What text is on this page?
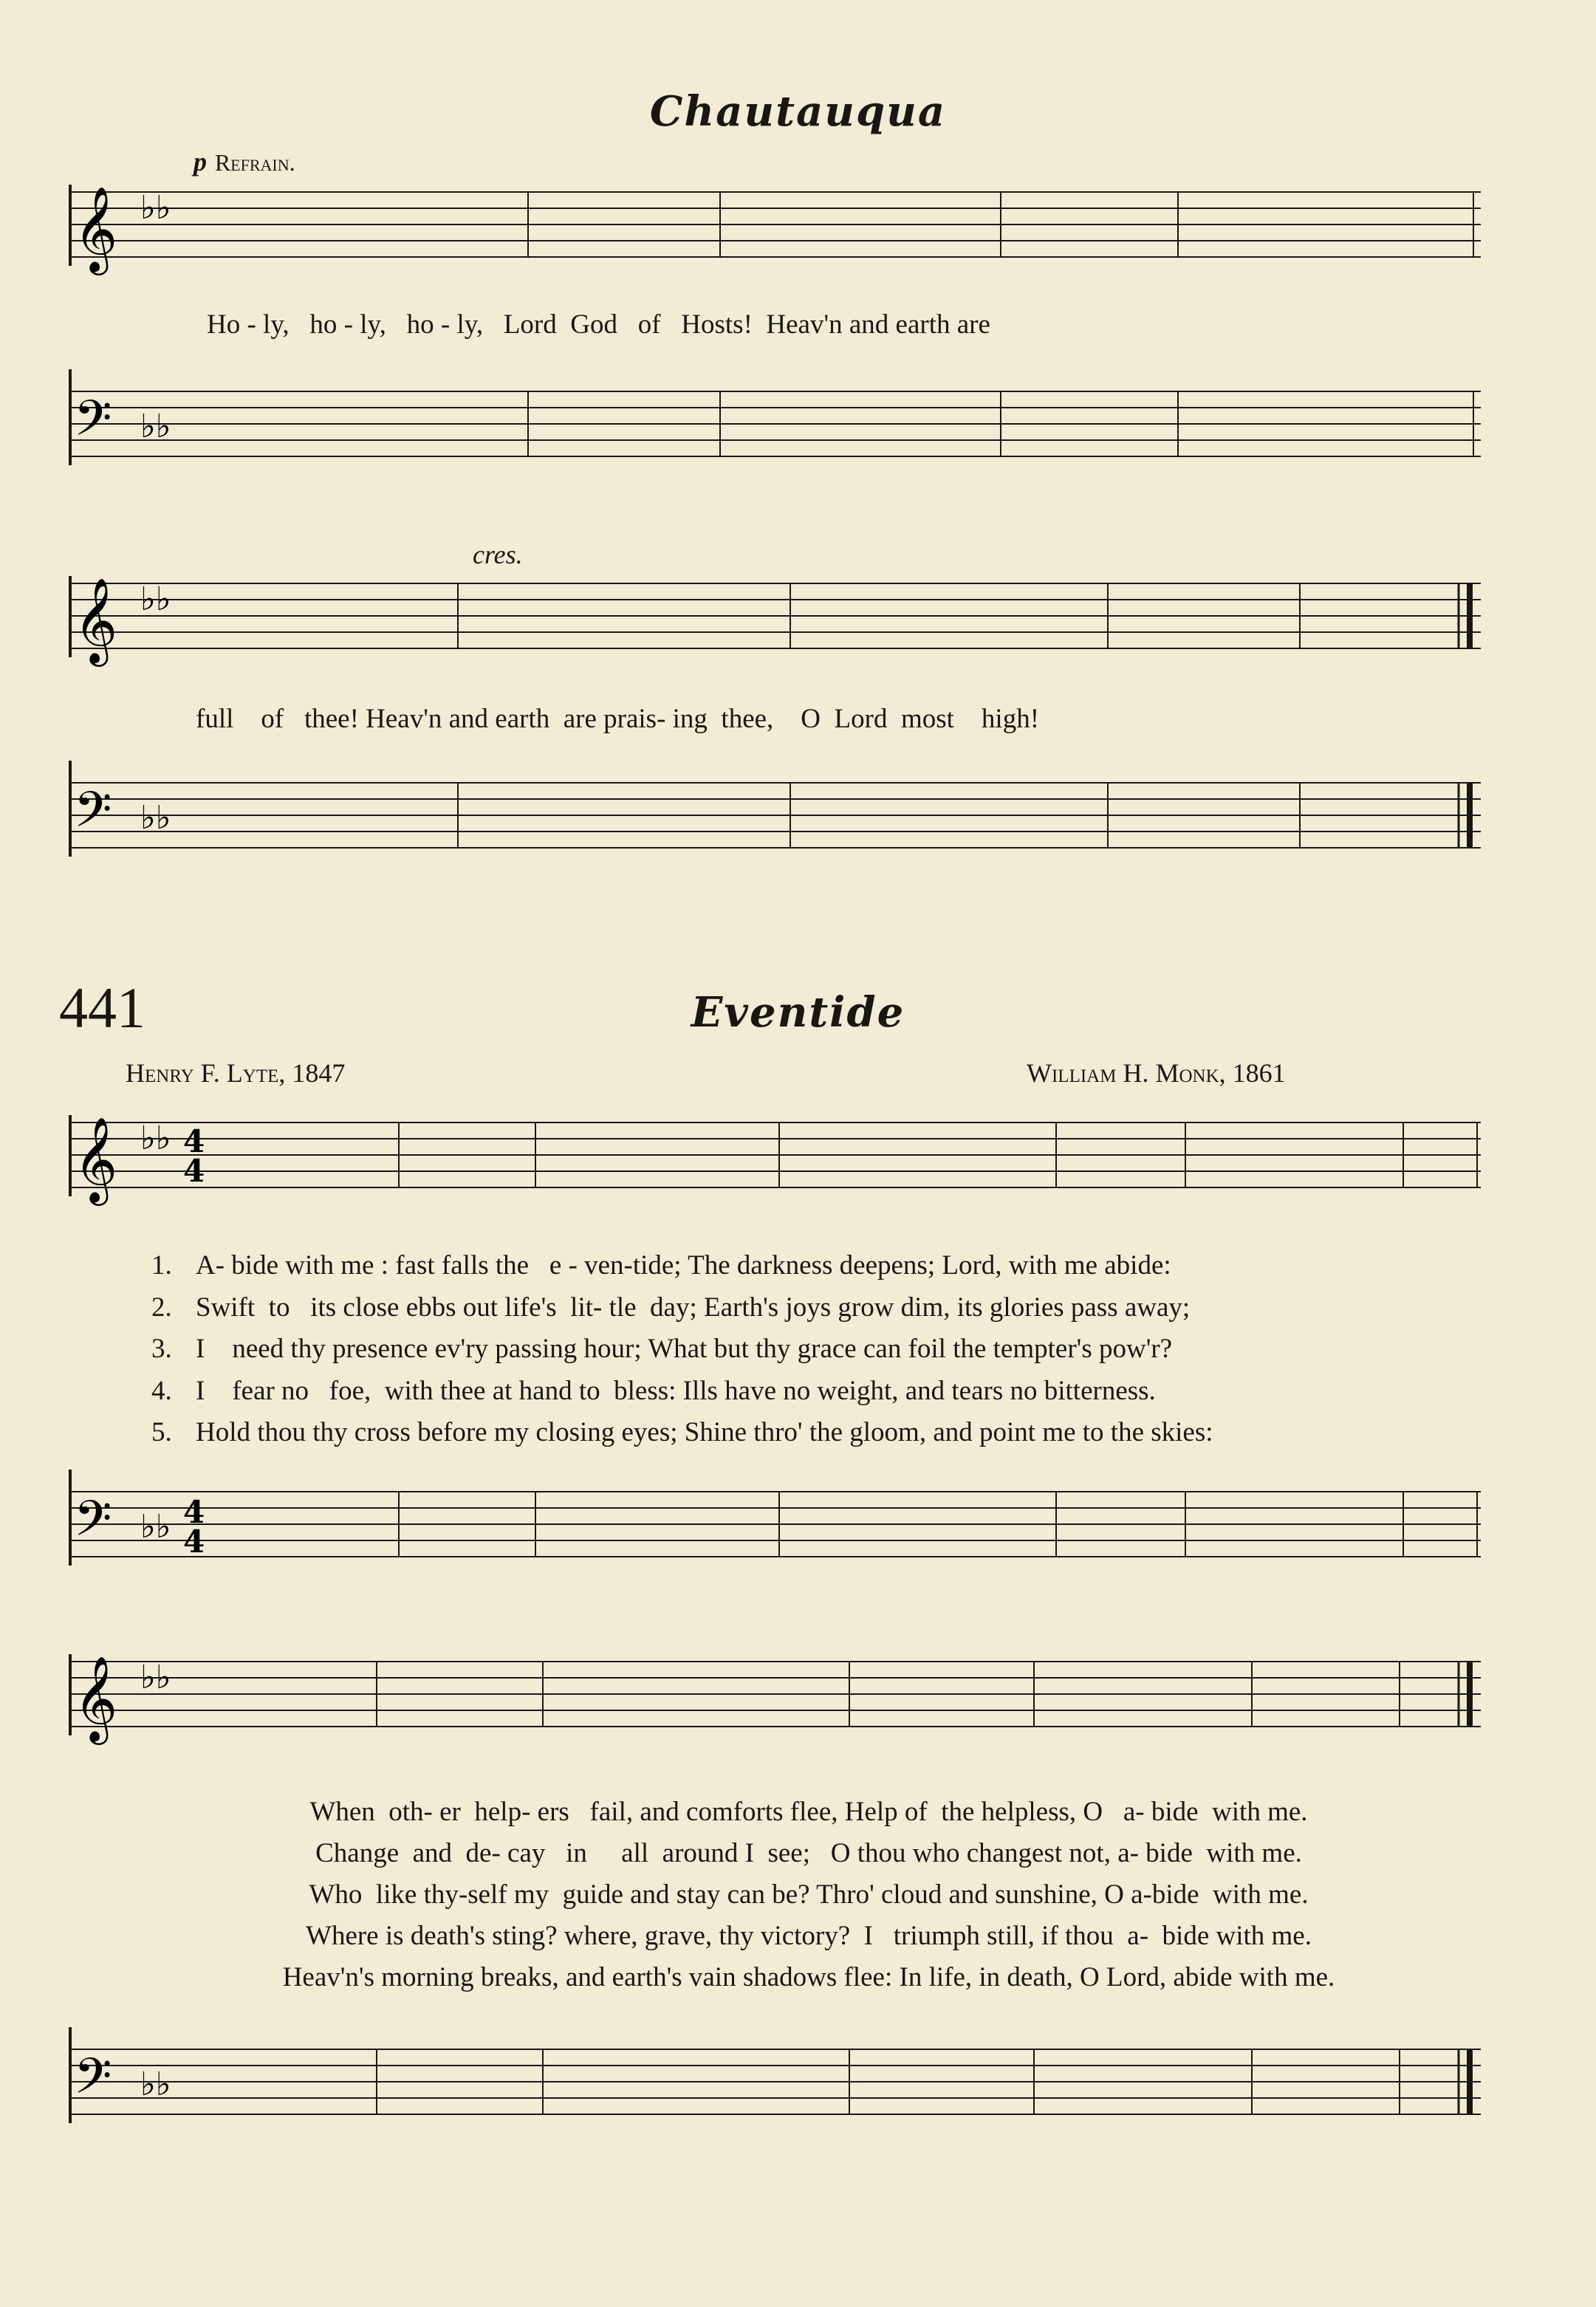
Chautauqua
p Refrain.
𝄞 ♭♭
Ho - ly,   ho - ly,   ho - ly,   Lord  God   of   Hosts!  Heav'n and earth are
𝄢 ♭♭
cres.
𝄞 ♭♭
full    of   thee! Heav'n and earth  are prais- ing  thee,    O  Lord  most    high!
𝄢 ♭♭
441	Eventide
Henry F. Lyte, 1847	William H. Monk, 1861
𝄞 ♭♭ 4
4
1. A- bide with me : fast falls the   e - ven-tide; The darkness deepens; Lord, with me abide:
2. Swift  to   its close ebbs out life's  lit- tle  day; Earth's joys grow dim, its glories pass away;
3. I    need thy presence ev'ry passing hour; What but thy grace can foil the tempter's pow'r?
4. I    fear no   foe,  with thee at hand to  bless: Ills have no weight, and tears no bitterness.
5. Hold thou thy cross before my closing eyes; Shine thro' the gloom, and point me to the skies:
𝄢 ♭♭ 4
4
𝄞 ♭♭
When  oth- er  help- ers   fail, and comforts flee, Help of  the helpless, O   a- bide  with me.
Change  and  de- cay   in     all  around I  see;   O thou who changest not, a- bide  with me.
Who  like thy-self my  guide and stay can be? Thro' cloud and sunshine, O a-bide  with me.
Where is death's sting? where, grave, thy victory?  I   triumph still, if thou  a-  bide with me.
Heav'n's morning breaks, and earth's vain shadows flee: In life, in death, O Lord, abide with me.
𝄢 ♭♭
